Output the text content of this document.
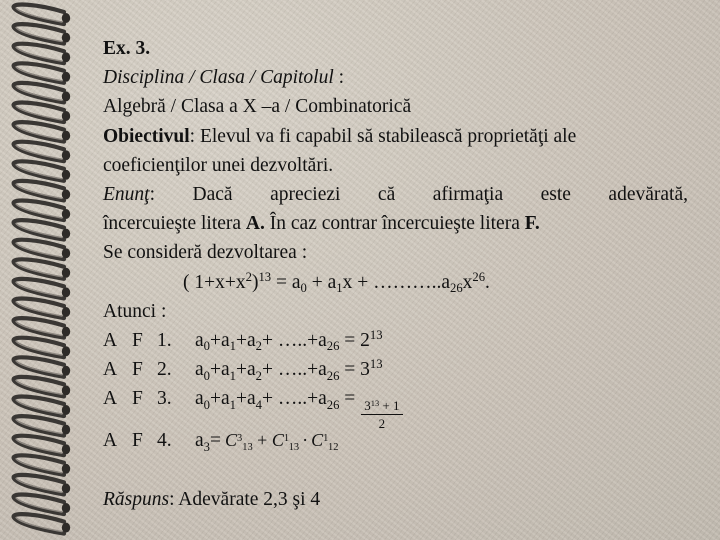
Ex. 3.
Disciplina / Clasa / Capitolul :
Algebră / Clasa a X –a / Combinatorică
Obiectivul: Elevul va fi capabil să stabilească proprietăţi ale
coeficienţilor unei dezvoltări.
Enunţ: Dacă apreciezi că afirmaţia este adevărată,
încercuieşte litera A. În caz contrar încercuieşte litera F.
Se consideră dezvoltarea :
( $1+x+x^2)^{13} = a_0 + a_1x$ + $\dots\dots\dots..a_{26}x^{26}$.
Atunci :
A F 1.	$a_0+a_1+a_2+$ $\dots..+a_{26} = 2^{13}$
A F 2.	$a_0+a_1+a_2+$ $\dots..+a_{26} = 3^{13}$
A F 3.	$a_0+a_1+a_4+$ $\dots..+a_{26} = \frac{3^{13} + 1}{2}$
A F 4.	$a_3= C^3_{13} + C^1_{13} \cdot C^1_{12}$
Răspuns: Adevărate 2,3 şi 4
